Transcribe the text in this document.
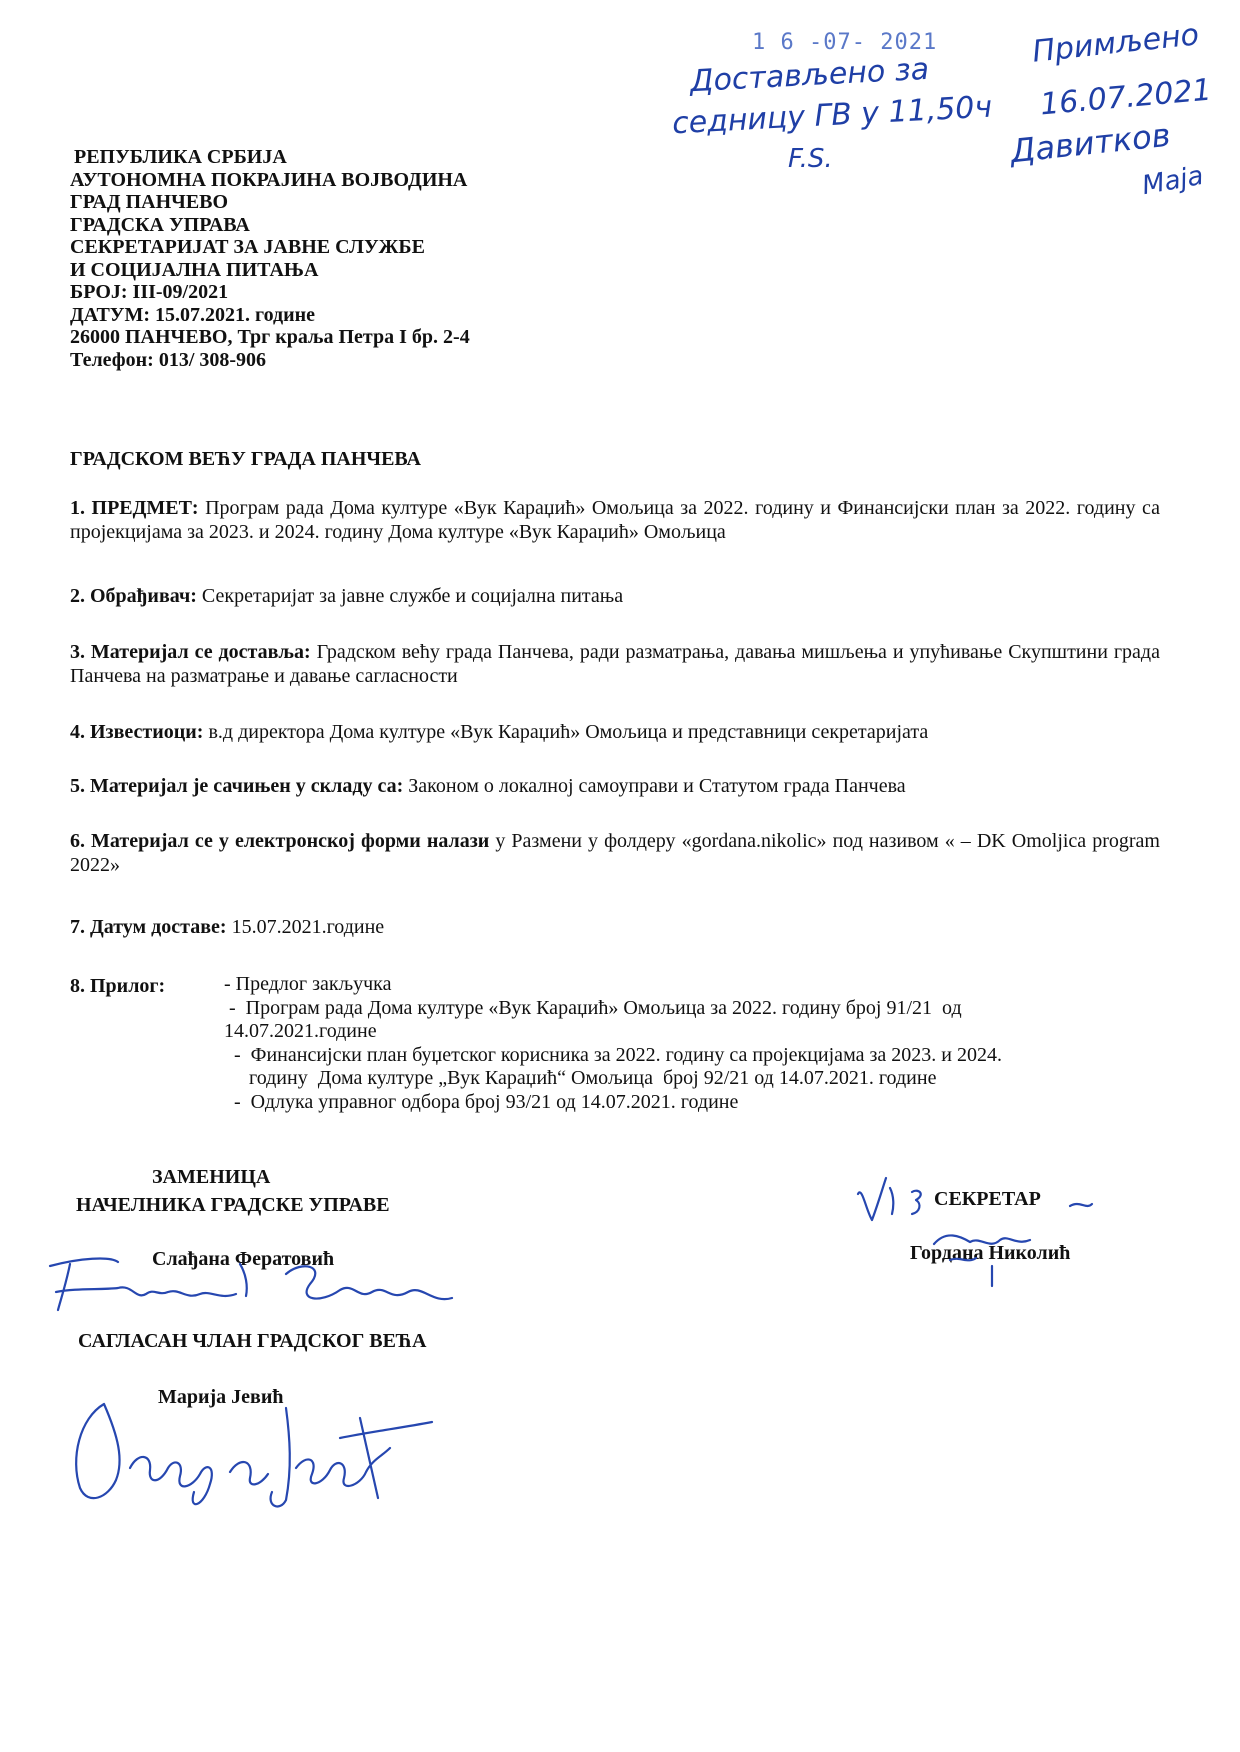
1 6 -07- 2021
Достављено за
седницу ГВ у 11,50ч
F.S.
Примљено
16.07.2021
Давитков
Маја
РЕПУБЛИКА СРБИЈА
АУТОНОМНА ПОКРАЈИНА ВОЈВОДИНА
ГРАД ПАНЧЕВО
ГРАДСКА УПРАВА
СЕКРЕТАРИЈАТ ЗА ЈАВНЕ СЛУЖБЕ
И СОЦИЈАЛНА ПИТАЊА
БРОЈ: III-09/2021
ДАТУМ: 15.07.2021. године
26000 ПАНЧЕВО, Трг краља Петра I бр. 2-4
Телефон: 013/ 308-906
ГРАДСКОМ ВЕЋУ ГРАДА ПАНЧЕВА
1. ПРЕДМЕТ: Програм рада Дома културе «Вук Караџић» Омољица за 2022. годину и Финансијски план за 2022. годину са пројекцијама за 2023. и 2024. годину Дома културе «Вук Караџић» Омољица
2. Обрађивач: Секретаријат за јавне службе и социјална питања
3. Материјал се доставља: Градском већу града Панчева, ради разматрања, давања мишљења и упућивање Скупштини града Панчева на разматрање и давање сагласности
4. Известиоци: в.д директора Дома културе «Вук Караџић» Омољица и представници секретаријата
5. Материјал је сачињен у складу са: Законом о локалној самоуправи и Статутом града Панчева
6. Материјал се у електронској форми налази у Размени у фолдеру «gordana.nikolic» под називом « – DK Omoljica program 2022»
7. Датум доставе: 15.07.2021.године
8. Прилог:	- Предлог закључка
-  Програм рада Дома културе «Вук Караџић» Омољица за 2022. годину број 91/21  од
14.07.2021.године
-  Финансијски план буџетског корисника за 2022. годину са пројекцијама за 2023. и 2024.
годину  Дома културе „Вук Караџић“ Омољица  број 92/21 од 14.07.2021. године
-  Одлука управног одбора број 93/21 од 14.07.2021. године
ЗАМЕНИЦА
НАЧЕЛНИКА ГРАДСКЕ УПРАВЕ
Слађана Фератовић
СЕКРЕТАР
Гордана Николић
САГЛАСАН ЧЛАН ГРАДСКОГ ВЕЋА
Марија Јевић
